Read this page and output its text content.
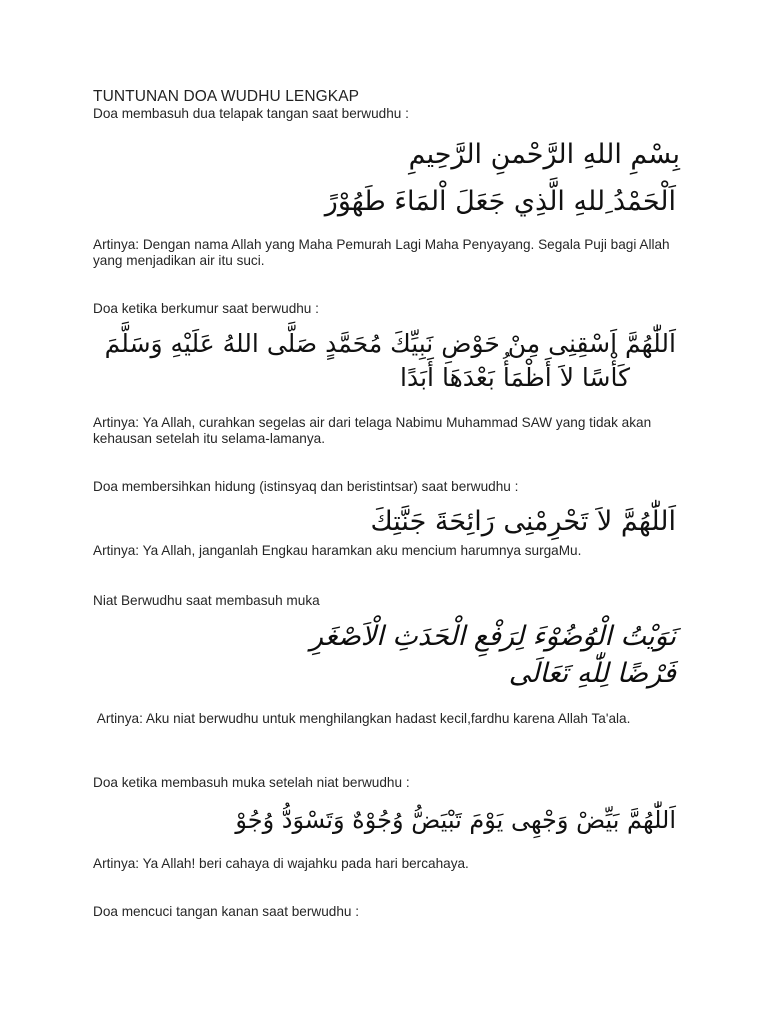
TUNTUNAN DOA WUDHU LENGKAP
Doa membasuh dua telapak tangan saat berwudhu :
بِسْمِ اللهِ الرَّحْمنِ الرَّحِيمِ
اَلْحَمْدُ ِللهِ الَّذِي جَعَلَ اْلمَاءَ طَهُوْرً
Artinya: Dengan nama Allah yang Maha Pemurah Lagi Maha Penyayang. Segala Puji bagi Allah yang menjadikan air itu suci.
Doa ketika berkumur saat berwudhu :
اَللّٰهُمَّ اَسْقِنِى مِنْ حَوْضِ نَبِيِّكَ مُحَمَّدٍ صَلَّى اللهُ عَلَيْهِ وَسَلَّمَ
كَأْسًا لاَ أَظْمَأُ بَعْدَهَا أَبَدًا
Artinya: Ya Allah, curahkan segelas air dari telaga Nabimu Muhammad SAW yang tidak akan kehausan setelah itu selama-lamanya.
Doa membersihkan hidung (istinsyaq dan beristintsar) saat berwudhu :
اَللّٰهُمَّ لاَ تَحْرِمْنِى رَائِحَةَ جَنَّتِكَ
Artinya: Ya Allah, janganlah Engkau haramkan aku mencium harumnya surgaMu.
Niat Berwudhu saat membasuh muka
نَوَيْتُ الْوُضُوْءَ لِرَفْعِ الْحَدَثِ الْاَصْغَرِ
فَرْضًا لِلّٰهِ تَعَالَى
Artinya: Aku niat berwudhu untuk menghilangkan hadast kecil,fardhu karena Allah Ta'ala.
Doa ketika membasuh muka setelah niat berwudhu :
اَللّٰهُمَّ بَيِّضْ وَجْهِى يَوْمَ تَبْيَضُّ وُجُوْهٌ وَتَسْوَدُّ وُجُوْ
Artinya: Ya Allah! beri cahaya di wajahku pada hari bercahaya.
Doa mencuci tangan kanan saat berwudhu :
